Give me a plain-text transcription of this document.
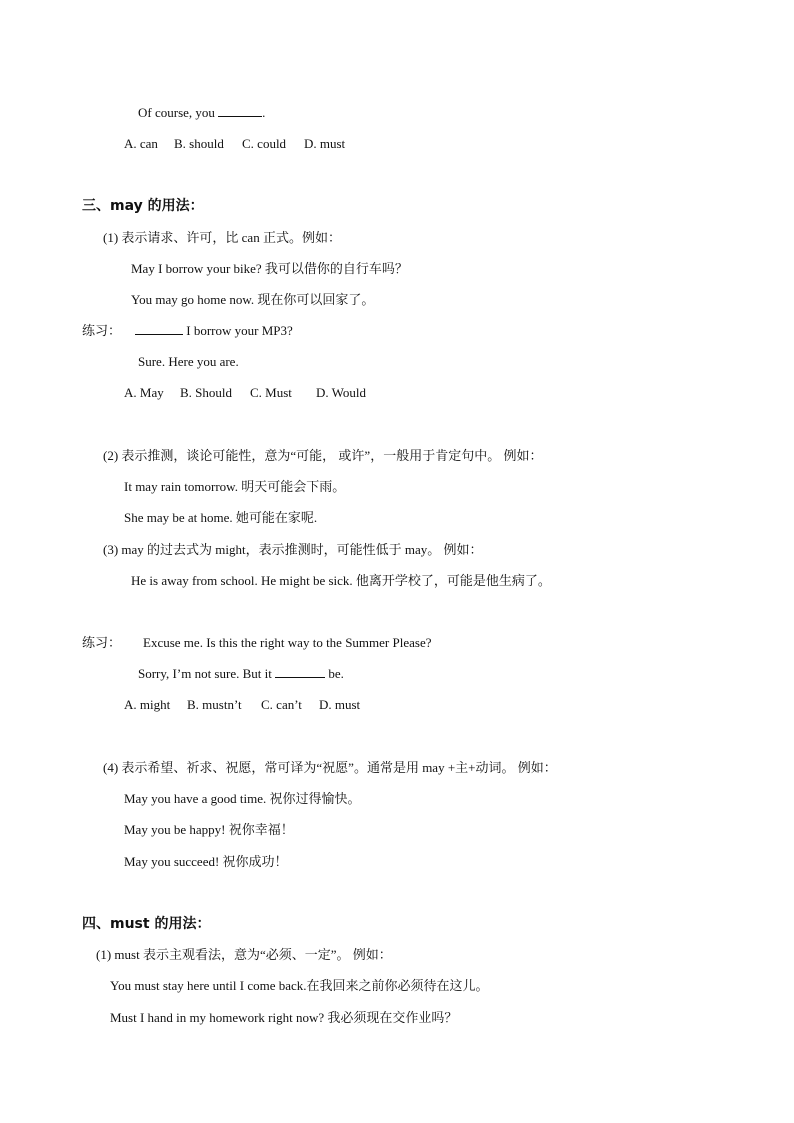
Of course, you	.
A. can B. should C. could D. must
三、may 的用法：
(1) 表示请求、许可，比 can 正式。例如：
May I borrow your bike? 我可以借你的自行车吗？
You may go home now. 现在你可以回家了。
练习：	I borrow your MP3?
Sure. Here you are.
A. May B. Should C. Must D. Would
(2) 表示推测，谈论可能性，意为“可能， 或许”，一般用于肯定句中。 例如：
It may rain tomorrow. 明天可能会下雨。
She may be at home. 她可能在家呢.
(3) may 的过去式为 might，表示推测时，可能性低于 may。 例如：
He is away from school. He might be sick. 他离开学校了，可能是他生病了。
练习： Excuse me. Is this the right way to the Summer Please?
Sorry, I’m not sure. But it	be.
A. might B. mustn’t C. can’t D. must
(4) 表示希望、祈求、祝愿，常可译为“祝愿”。通常是用 may +主+动词。 例如：
May you have a good time. 祝你过得愉快。
May you be happy! 祝你幸福！
May you succeed! 祝你成功！
四、must 的用法：
(1) must 表示主观看法，意为“必须、一定”。 例如：
You must stay here until I come back.在我回来之前你必须待在这儿。
Must I hand in my homework right now? 我必须现在交作业吗？
